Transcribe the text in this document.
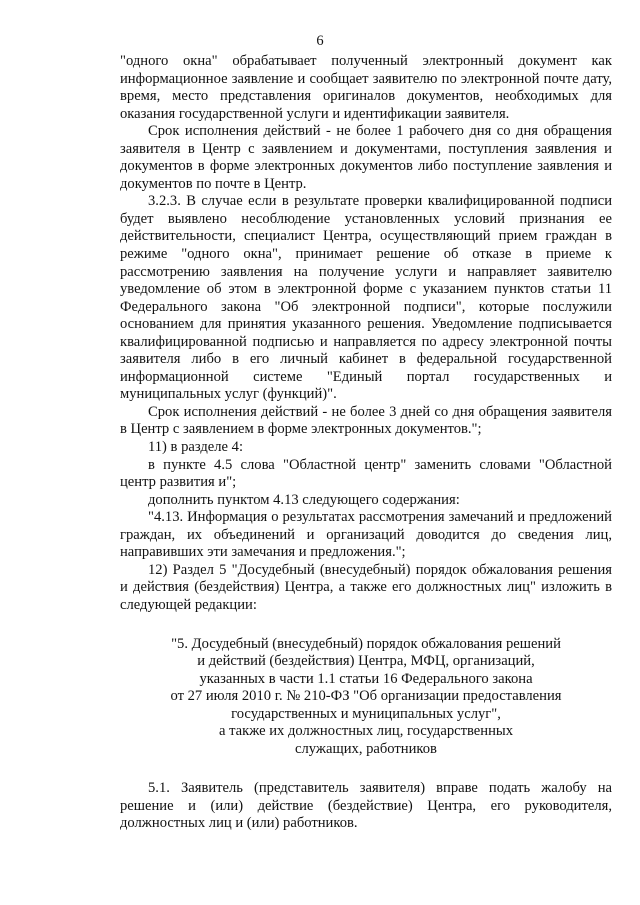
6

"одного окна" обрабатывает полученный электронный документ как информационное заявление и сообщает заявителю по электронной почте дату, время, место представления оригиналов документов, необходимых для оказания государственной услуги и идентификации заявителя.

Срок исполнения действий - не более 1 рабочего дня со дня обращения заявителя в Центр с заявлением и документами, поступления заявления и документов в форме электронных документов либо поступление заявления и документов по почте в Центр.

3.2.3. В случае если в результате проверки квалифицированной подписи будет выявлено несоблюдение установленных условий признания ее действительности, специалист Центра, осуществляющий прием граждан в режиме "одного окна", принимает решение об отказе в приеме к рассмотрению заявления на получение услуги и направляет заявителю уведомление об этом в электронной форме с указанием пунктов статьи 11 Федерального закона "Об электронной подписи", которые послужили основанием для принятия указанного решения. Уведомление подписывается квалифицированной подписью и направляется по адресу электронной почты заявителя либо в его личный кабинет в федеральной государственной информационной системе "Единый портал государственных и муниципальных услуг (функций)".

Срок исполнения действий - не более 3 дней со дня обращения заявителя в Центр с заявлением в форме электронных документов.";

11) в разделе 4:

в пункте 4.5 слова "Областной центр" заменить словами "Областной центр развития и";

дополнить пунктом 4.13 следующего содержания:

"4.13. Информация о результатах рассмотрения замечаний и предложений граждан, их объединений и организаций доводится до сведения лиц, направивших эти замечания и предложения.";

12) Раздел 5 "Досудебный (внесудебный) порядок обжалования решения и действия (бездействия) Центра, а также его должностных лиц" изложить в следующей редакции:

"5. Досудебный (внесудебный) порядок обжалования решений
и действий (бездействия) Центра, МФЦ, организаций,
указанных в части 1.1 статьи 16 Федерального закона
от 27 июля 2010 г. № 210-ФЗ "Об организации предоставления
государственных и муниципальных услуг",
а также их должностных лиц, государственных
служащих, работников

5.1. Заявитель (представитель заявителя) вправе подать жалобу на решение и (или) действие (бездействие) Центра, его руководителя, должностных лиц и (или) работников.
